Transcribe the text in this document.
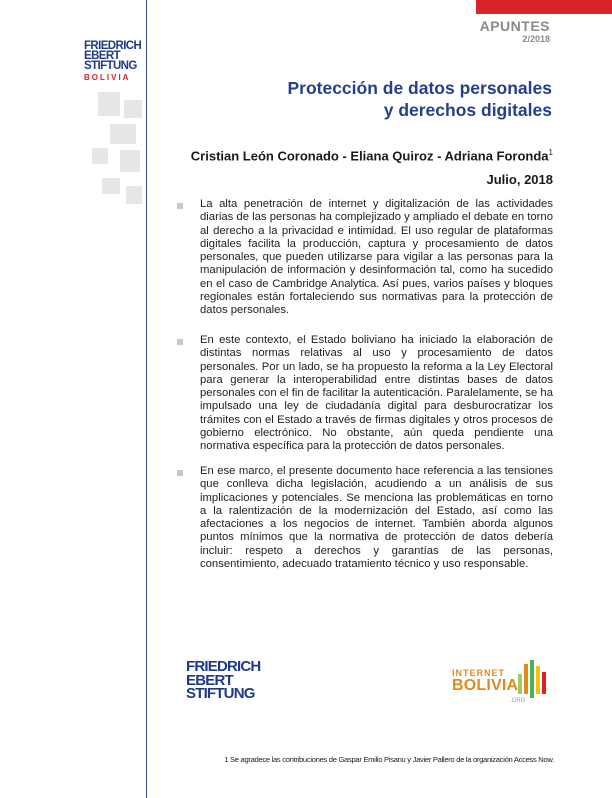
APUNTES
2/2018
FRIEDRICH
EBERT
STIFTUNG
BOLIVIA
Protección de datos personales
y derechos digitales
Cristian León Coronado - Eliana Quiroz - Adriana Foronda$^1$
Julio, 2018
La alta penetración de internet y digitalización de las actividades diarias de las personas ha complejizado y ampliado el debate en torno al derecho a la privacidad e intimidad. El uso regular de plataformas digitales facilita la producción, captura y procesamiento de datos personales, que pueden utilizarse para vigilar a las personas para la manipulación de información y desinformación tal, como ha sucedido en el caso de Cambridge Analytica. Así pues, varios países y bloques regionales están fortaleciendo sus normativas para la protección de datos personales.
En este contexto, el Estado boliviano ha iniciado la elaboración de distintas normas relativas al uso y procesamiento de datos personales. Por un lado, se ha propuesto la reforma a la Ley Electoral para generar la interoperabilidad entre distintas bases de datos personales con el fin de facilitar la autenticación. Paralelamente, se ha impulsado una ley de ciudadanía digital para desburocratizar los trámites con el Estado a través de firmas digitales y otros procesos de gobierno electrónico. No obstante, aún queda pendiente una normativa específica para la protección de datos personales.
En ese marco, el presente documento hace referencia a las tensiones que conlleva dicha legislación, acudiendo a un análisis de sus implicaciones y potenciales. Se menciona las problemáticas en torno a la ralentización de la modernización del Estado, así como las afectaciones a los negocios de internet. También aborda algunos puntos mínimos que la normativa de protección de datos debería incluir: respeto a derechos y garantías de las personas, consentimiento, adecuado tratamiento técnico y uso responsable.
FRIEDRICH
EBERT
STIFTUNG
INTERNET
BOLIVIA
.ORG
1 Se agradece las contribuciones de Gaspar Emilio Pisanu y Javier Pallero de la organización Access Now.
